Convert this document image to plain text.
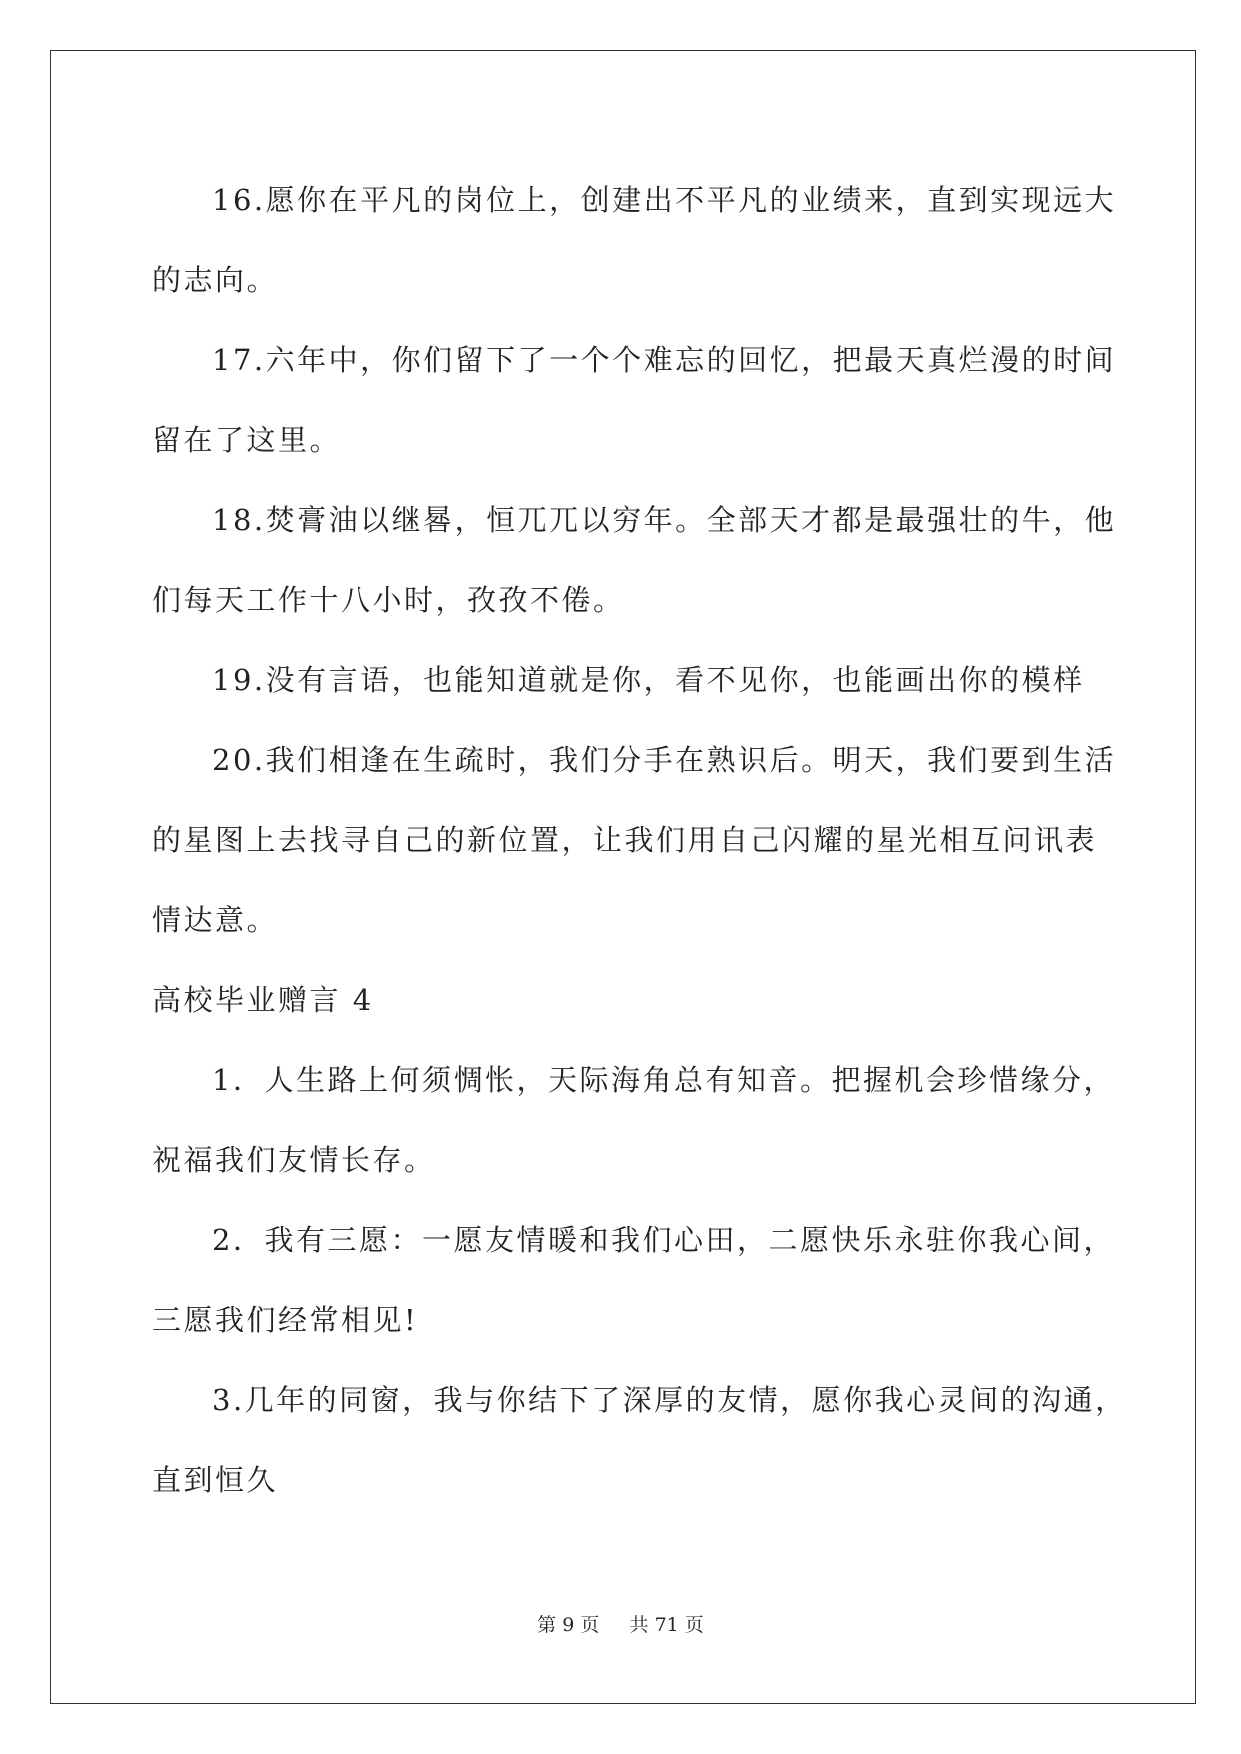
16.愿你在平凡的岗位上，创建出不平凡的业绩来，直到实现远大

的志向。

17.六年中，你们留下了一个个难忘的回忆，把最天真烂漫的时间

留在了这里。

18.焚膏油以继晷，恒兀兀以穷年。全部天才都是最强壮的牛，他

们每天工作十八小时，孜孜不倦。

19.没有言语，也能知道就是你，看不见你，也能画出你的模样

20.我们相逢在生疏时，我们分手在熟识后。明天，我们要到生活

的星图上去找寻自己的新位置，让我们用自己闪耀的星光相互问讯表

情达意。

高校毕业赠言 4

1．人生路上何须惆怅，天际海角总有知音。把握机会珍惜缘分，

祝福我们友情长存。

2．我有三愿：一愿友情暖和我们心田，二愿快乐永驻你我心间，

三愿我们经常相见!

3.几年的同窗，我与你结下了深厚的友情，愿你我心灵间的沟通，

直到恒久

第 9 页 共 71 页
